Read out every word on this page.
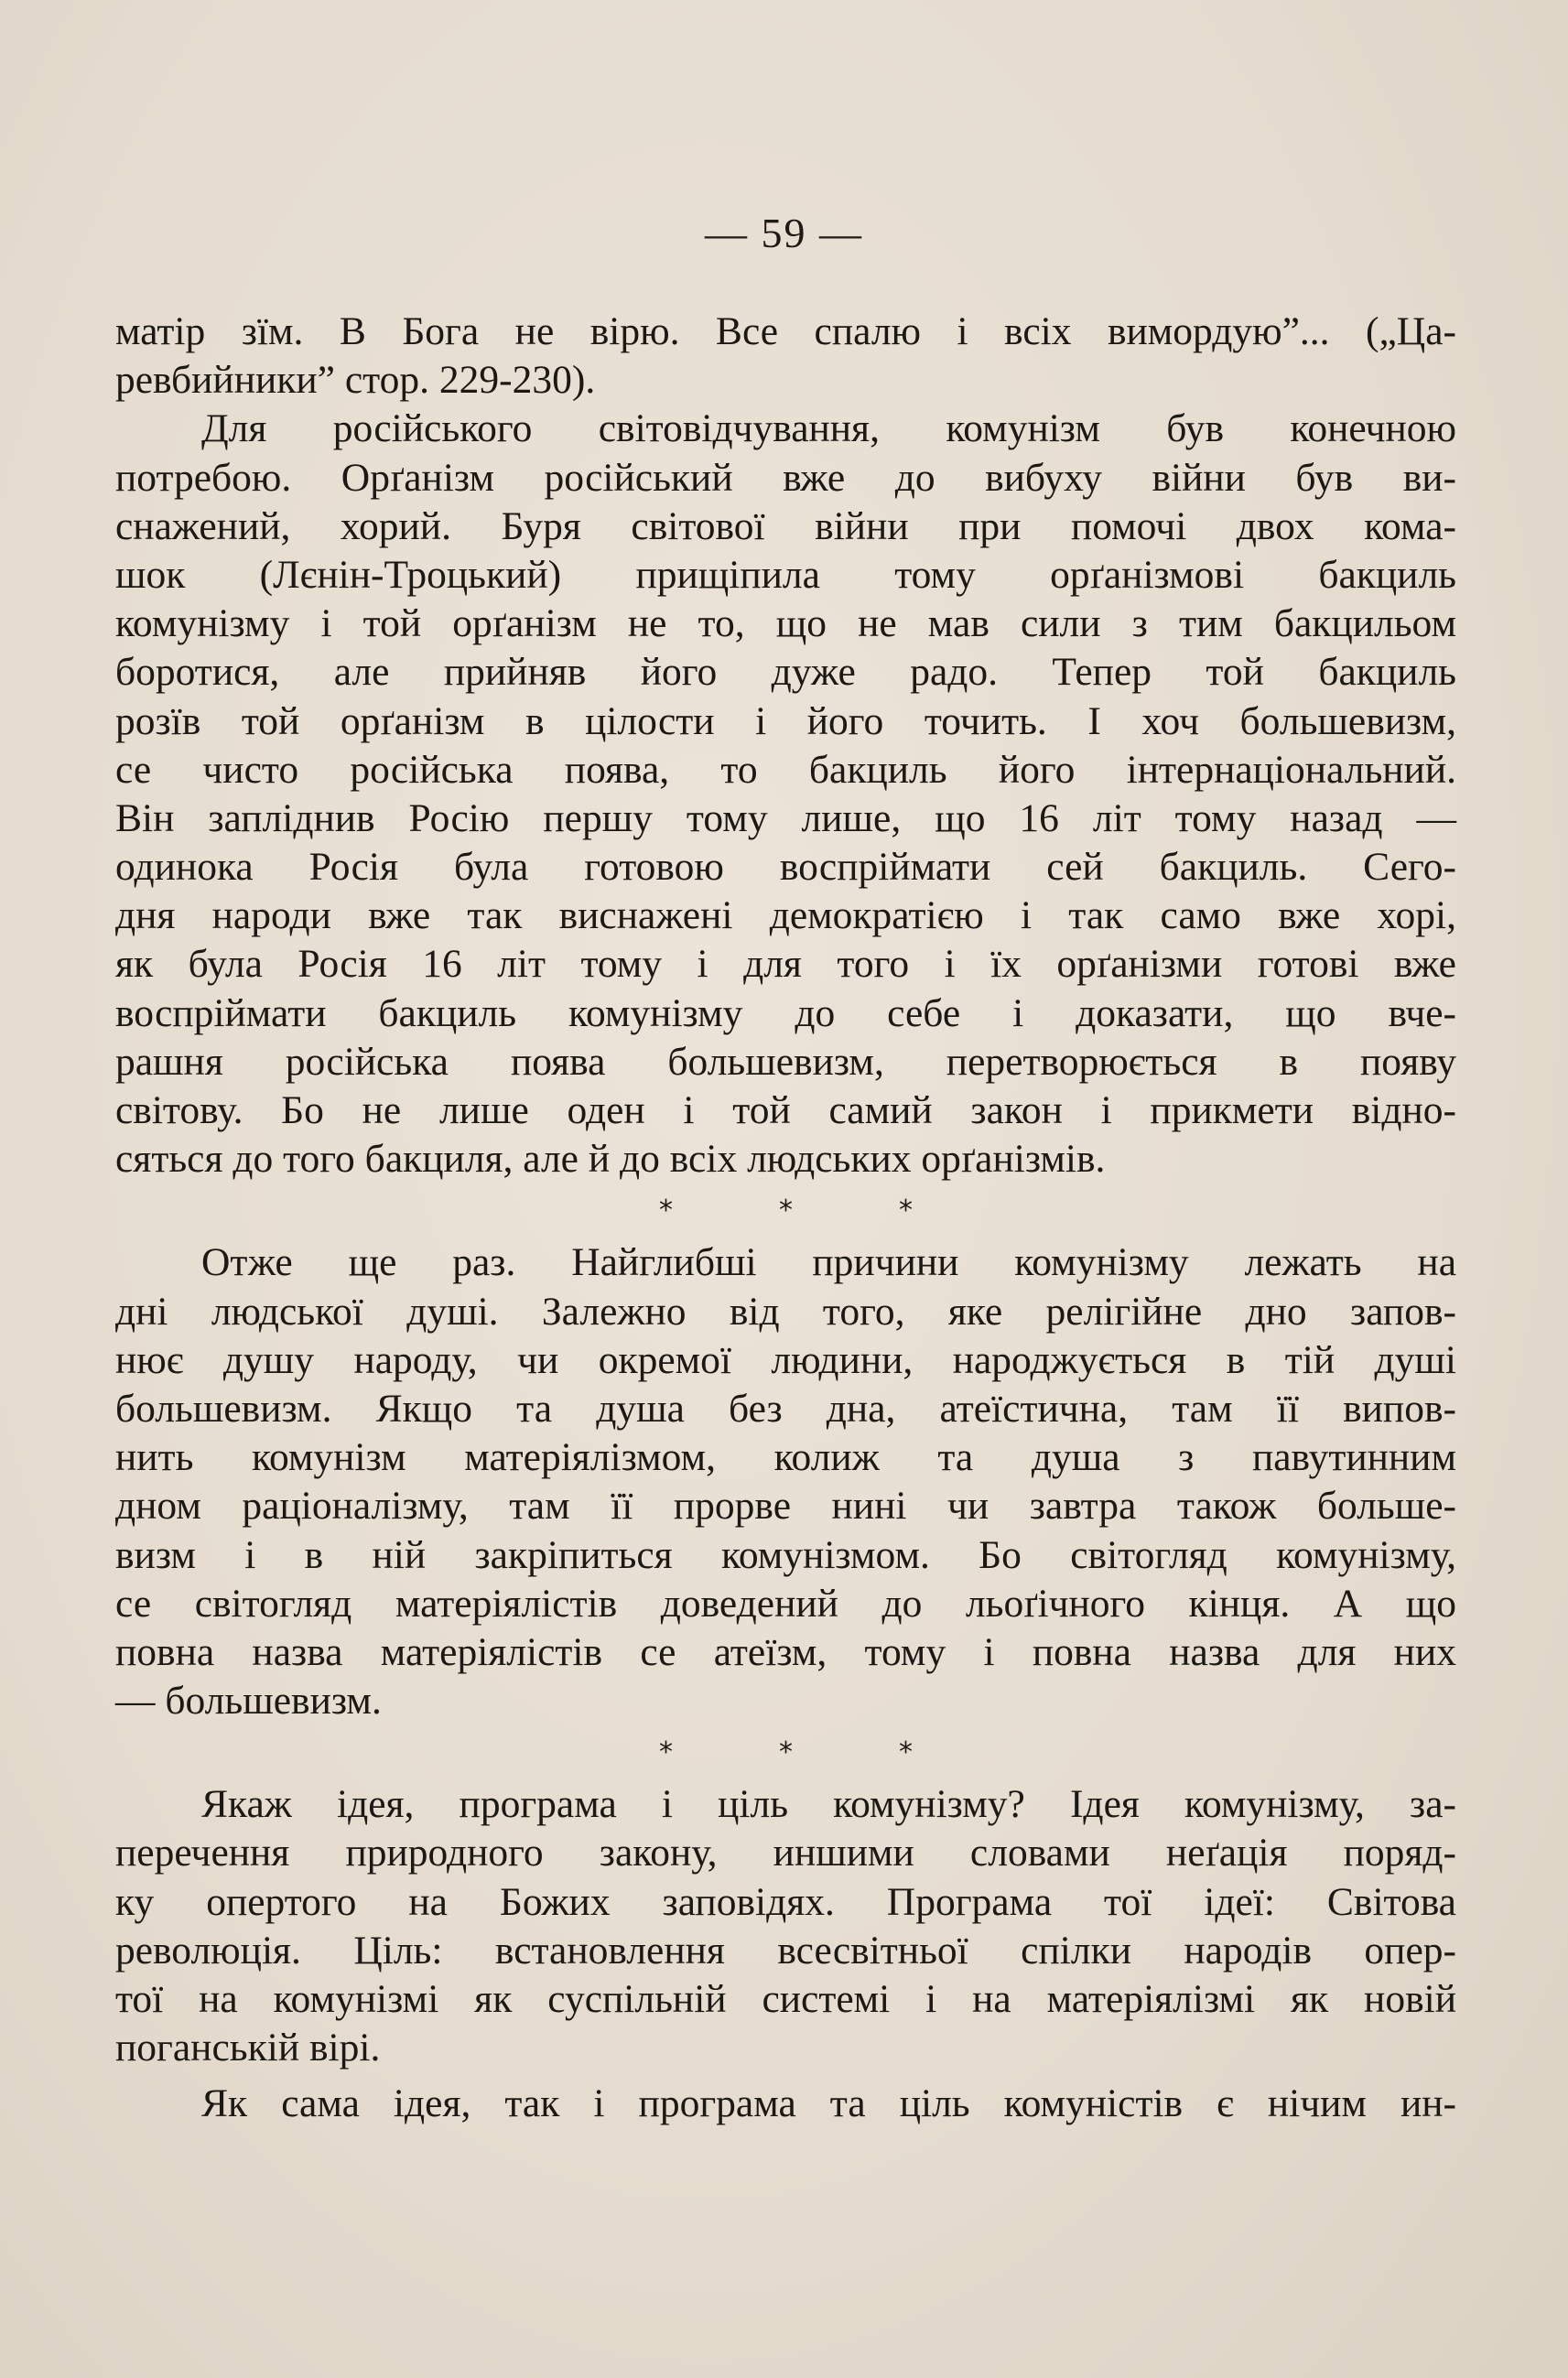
— 59 —

матір зїм. В Бога не вірю. Все спалю і всіх вимордую”... („Ца-
ревбийники” стор. 229-230).

Для російського світовідчування, комунізм був конечною
потребою. Орґанізм російський вже до вибуху війни був ви-
снажений, хорий. Буря світової війни при помочі двох кома-
шок (Лєнін-Троцький) прищіпила тому орґанізмові бакциль
комунізму і той орґанізм не то, що не мав сили з тим бакцильом
боротися, але прийняв його дуже радо. Тепер той бакциль
розїв той орґанізм в цілости і його точить. І хоч большевизм,
се чисто російська поява, то бакциль його інтернаціональний.
Він запліднив Росію першу тому лише, що 16 літ тому назад —
одинока Росія була готовою воспріймати сей бакциль. Сего-
дня народи вже так виснажені демократією і так само вже хорі,
як була Росія 16 літ тому і для того і їх орґанізми готові вже
воспріймати бакциль комунізму до себе і доказати, що вче-
рашня російська поява большевизм, перетворюється в появу
світову. Бо не лише оден і той самий закон і прикмети відно-
сяться до того бакциля, але й до всіх людських орґанізмів.

*	*	*

Отже ще раз. Найглибші причини комунізму лежать на
дні людської душі. Залежно від того, яке релігійне дно запов-
нює душу народу, чи окремої людини, народжується в тій душі
большевизм. Якщо та душа без дна, атеїстична, там її випов-
нить комунізм матеріялізмом, колиж та душа з павутинним
дном раціоналізму, там її прорве нині чи завтра також больше-
визм і в ній закріпиться комунізмом. Бо світогляд комунізму,
се світогляд матеріялістів доведений до льоґічного кінця. А що
повна назва матеріялістів се атеїзм, тому і повна назва для них
— большевизм.

*	*	*

Якаж ідея, програма і ціль комунізму? Ідея комунізму, за-
перечення природного закону, иншими словами неґація поряд-
ку опертого на Божих заповідях. Програма тої ідеї: Світова
революція. Ціль: встановлення всесвітньої спілки народів опер-
тої на комунізмі як суспільній системі і на матеріялізмі як новій
поганській вірі.

Як сама ідея, так і програма та ціль комуністів є нічим ин-
